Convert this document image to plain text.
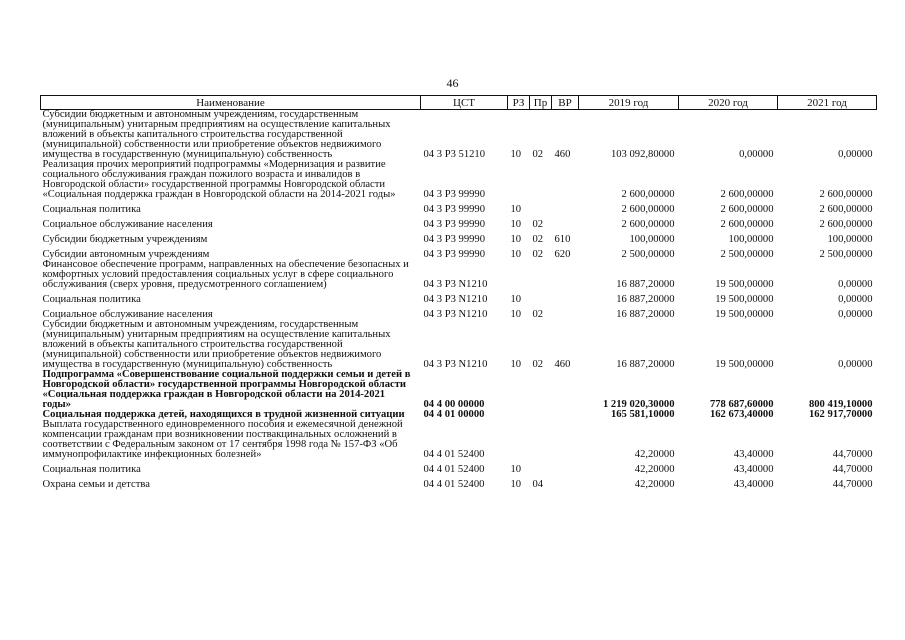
46
Наименование	ЦСТ	РЗ	Пр	ВР	2019 год	2020 год	2021 год
Субсидии бюджетным и автономным учреждениям, государственным (муниципальным) унитарным предприятиям на осуществление капитальных вложений в объекты капитального строительства государственной (муниципальной) собственности или приобретение объектов недвижимого имущества в государственную (муниципальную) собственность	04 3 Р3 51210	10	02	460	103 092,80000	0,00000	0,00000
Реализация прочих мероприятий подпрограммы «Модернизация и развитие социального обслуживания граждан пожилого возраста и инвалидов в Новгородской области» государственной программы Новгородской области «Социальная поддержка граждан в Новгородской области на 2014-2021 годы»	04 3 Р3 99990				2 600,00000	2 600,00000	2 600,00000
Социальная политика	04 3 Р3 99990	10			2 600,00000	2 600,00000	2 600,00000
Социальное обслуживание населения	04 3 Р3 99990	10	02		2 600,00000	2 600,00000	2 600,00000
Субсидии бюджетным учреждениям	04 3 Р3 99990	10	02	610	100,00000	100,00000	100,00000
Субсидии автономным учреждениям	04 3 Р3 99990	10	02	620	2 500,00000	2 500,00000	2 500,00000
Финансовое обеспечение программ, направленных на обеспечение безопасных и комфортных условий предоставления социальных услуг в сфере социального обслуживания (сверх уровня, предусмотренного соглашением)	04 3 Р3 N1210				16 887,20000	19 500,00000	0,00000
Социальная политика	04 3 Р3 N1210	10			16 887,20000	19 500,00000	0,00000
Социальное обслуживание населения	04 3 Р3 N1210	10	02		16 887,20000	19 500,00000	0,00000
Субсидии бюджетным и автономным учреждениям, государственным (муниципальным) унитарным предприятиям на осуществление капитальных вложений в объекты капитального строительства государственной (муниципальной) собственности или приобретение объектов недвижимого имущества в государственную (муниципальную) собственность	04 3 Р3 N1210	10	02	460	16 887,20000	19 500,00000	0,00000
Подпрограмма «Совершенствование социальной поддержки семьи и детей в Новгородской области» государственной программы Новгородской области «Социальная поддержка граждан в Новгородской области на 2014-2021 годы»	04 4 00 00000				1 219 020,30000	778 687,60000	800 419,10000
Социальная поддержка детей, находящихся в трудной жизненной ситуации	04 4 01 00000				165 581,10000	162 673,40000	162 917,70000
Выплата государственного единовременного пособия и ежемесячной денежной компенсации гражданам при возникновении поствакцинальных осложнений в соответствии с Федеральным законом от 17 сентября 1998 года № 157-ФЗ «Об иммунопрофилактике инфекционных болезней»	04 4 01 52400				42,20000	43,40000	44,70000
Социальная политика	04 4 01 52400	10			42,20000	43,40000	44,70000
Охрана семьи и детства	04 4 01 52400	10	04		42,20000	43,40000	44,70000
